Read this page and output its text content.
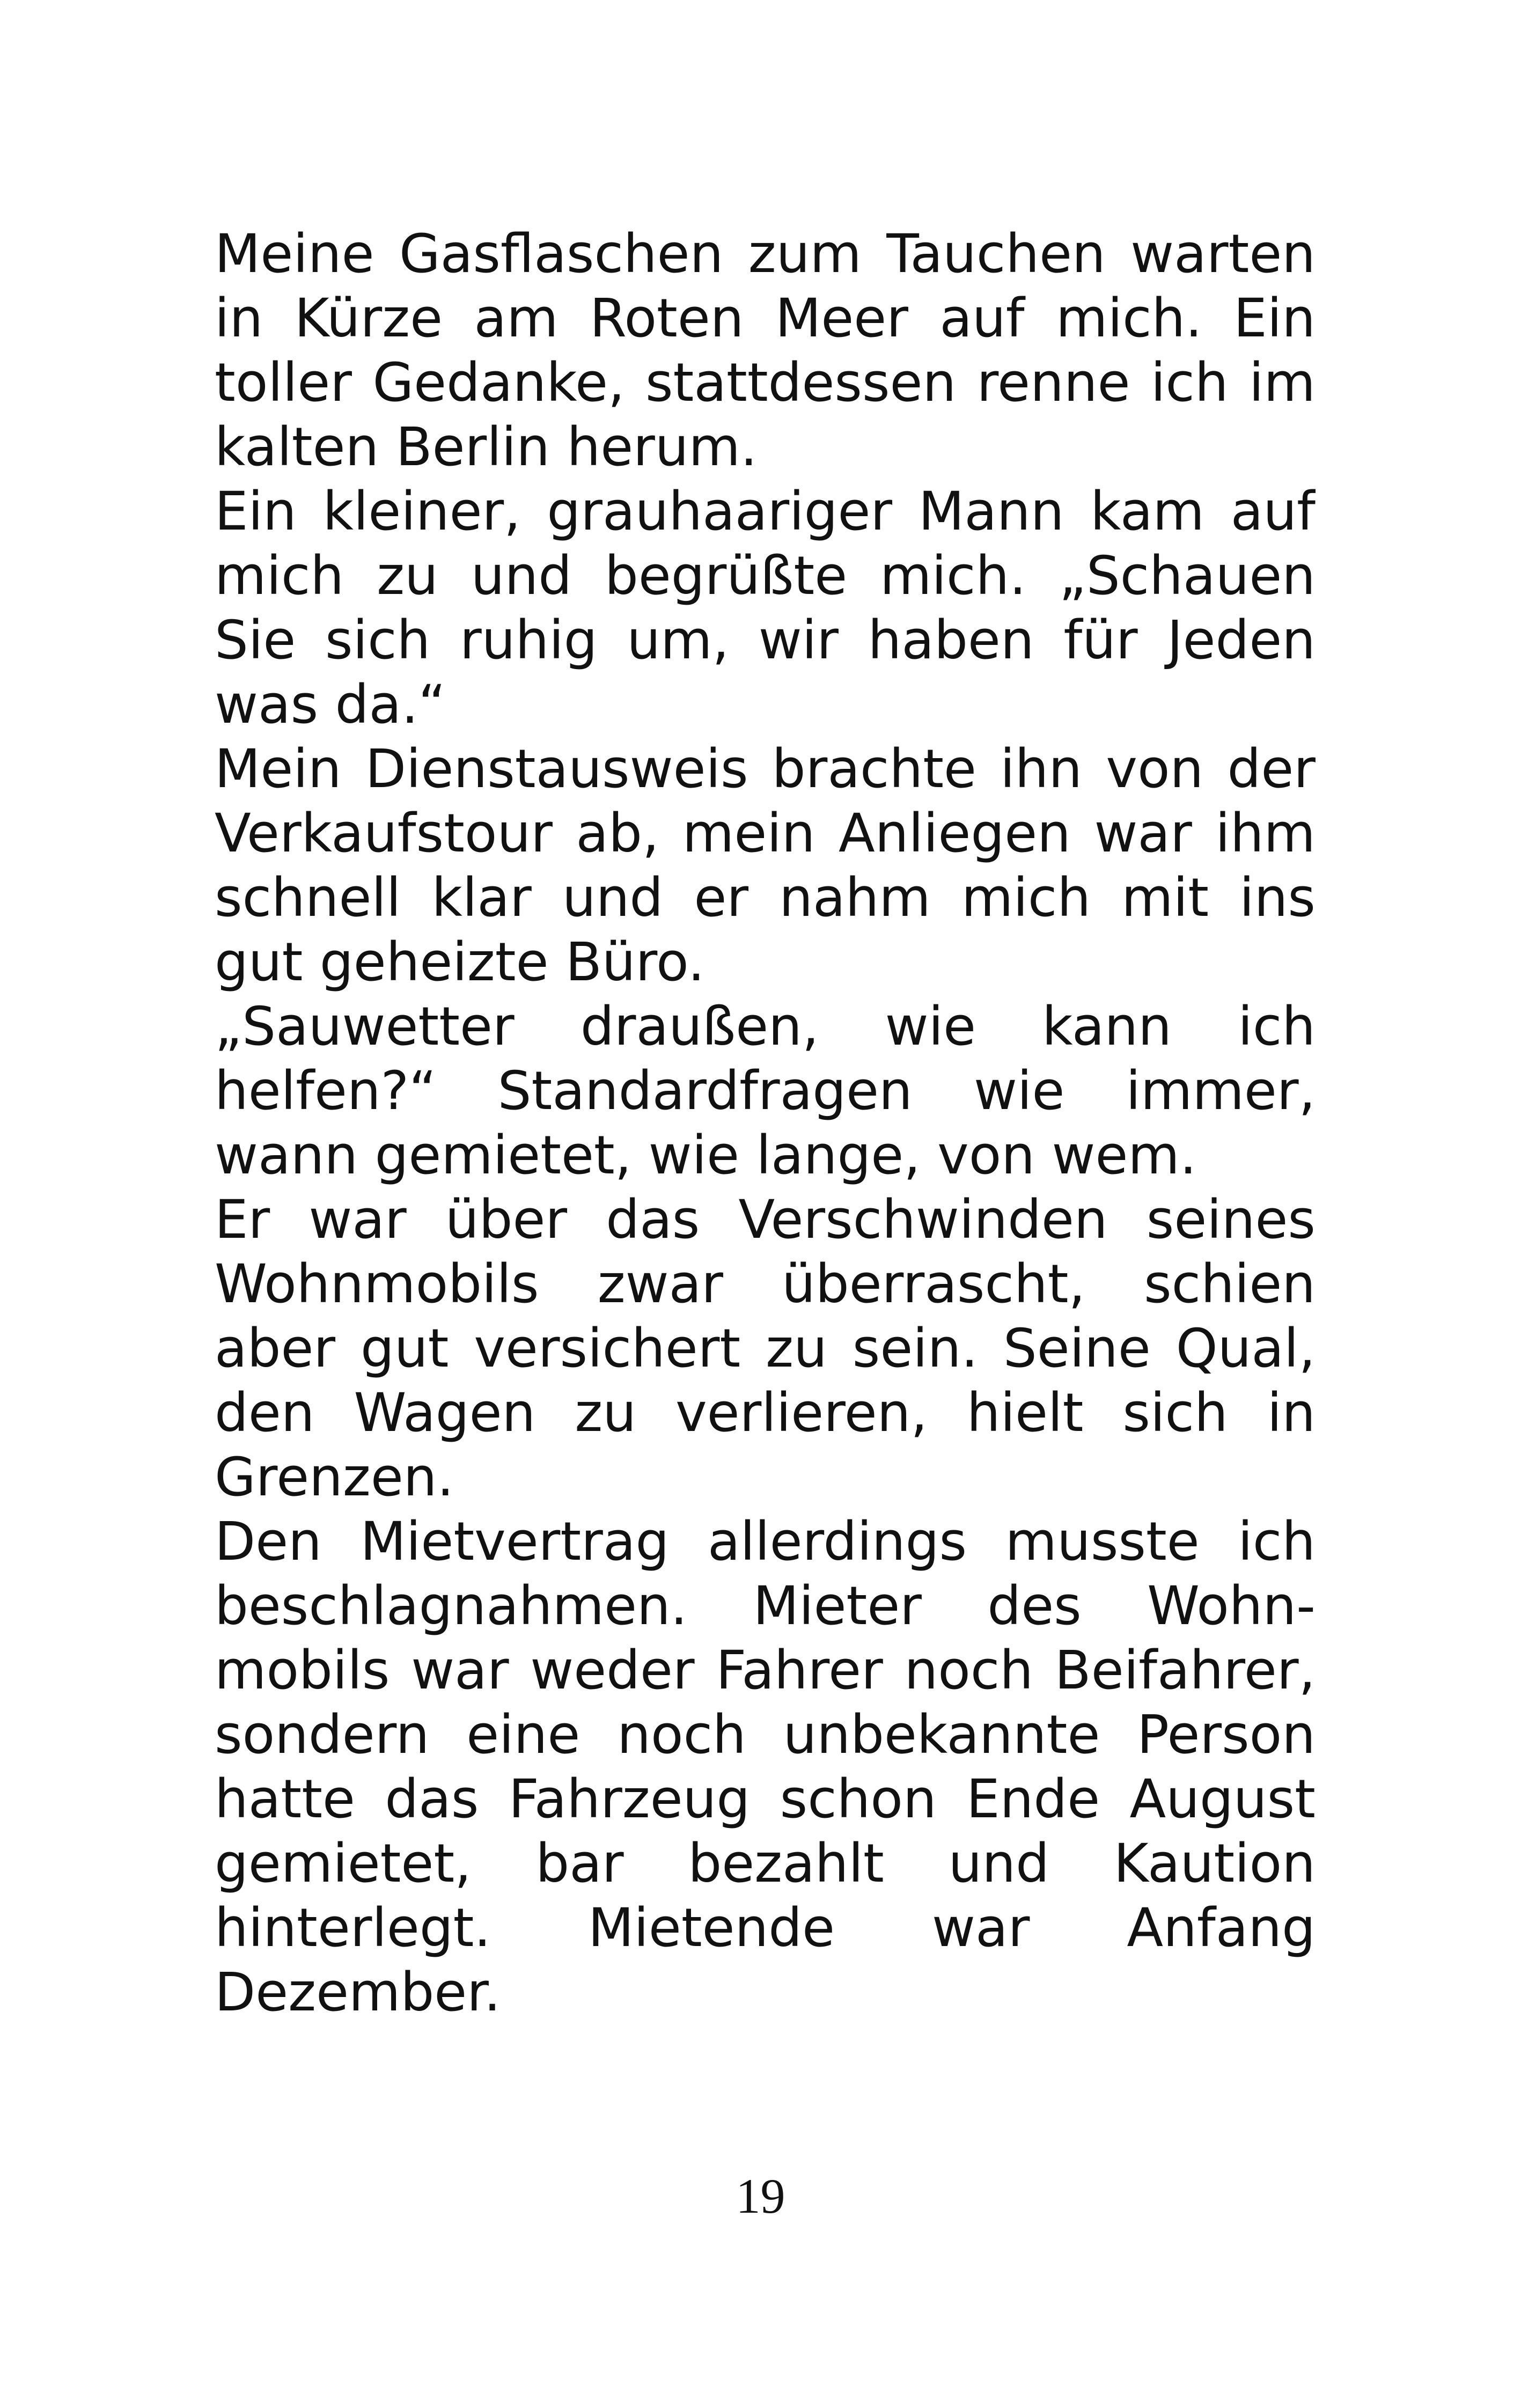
Meine Gasflaschen zum Tauchen warten
in Kürze am Roten Meer auf mich. Ein
toller Gedanke, stattdessen renne ich im
kalten Berlin herum.
Ein kleiner, grauhaariger Mann kam auf
mich zu und begrüßte mich. „Schauen
Sie sich ruhig um, wir haben für Jeden
was da.“
Mein Dienstausweis brachte ihn von der
Verkaufstour ab, mein Anliegen war ihm
schnell klar und er nahm mich mit ins
gut geheizte Büro.
„Sauwetter draußen, wie kann ich
helfen?“ Standardfragen wie immer,
wann gemietet, wie lange, von wem.
Er war über das Verschwinden seines
Wohnmobils zwar überrascht, schien
aber gut versichert zu sein. Seine Qual,
den Wagen zu verlieren, hielt sich in
Grenzen.
Den Mietvertrag allerdings musste ich
beschlagnahmen. Mieter des Wohn-
mobils war weder Fahrer noch Beifahrer,
sondern eine noch unbekannte Person
hatte das Fahrzeug schon Ende August
gemietet, bar bezahlt und Kaution
hinterlegt. Mietende war Anfang
Dezember.
19
